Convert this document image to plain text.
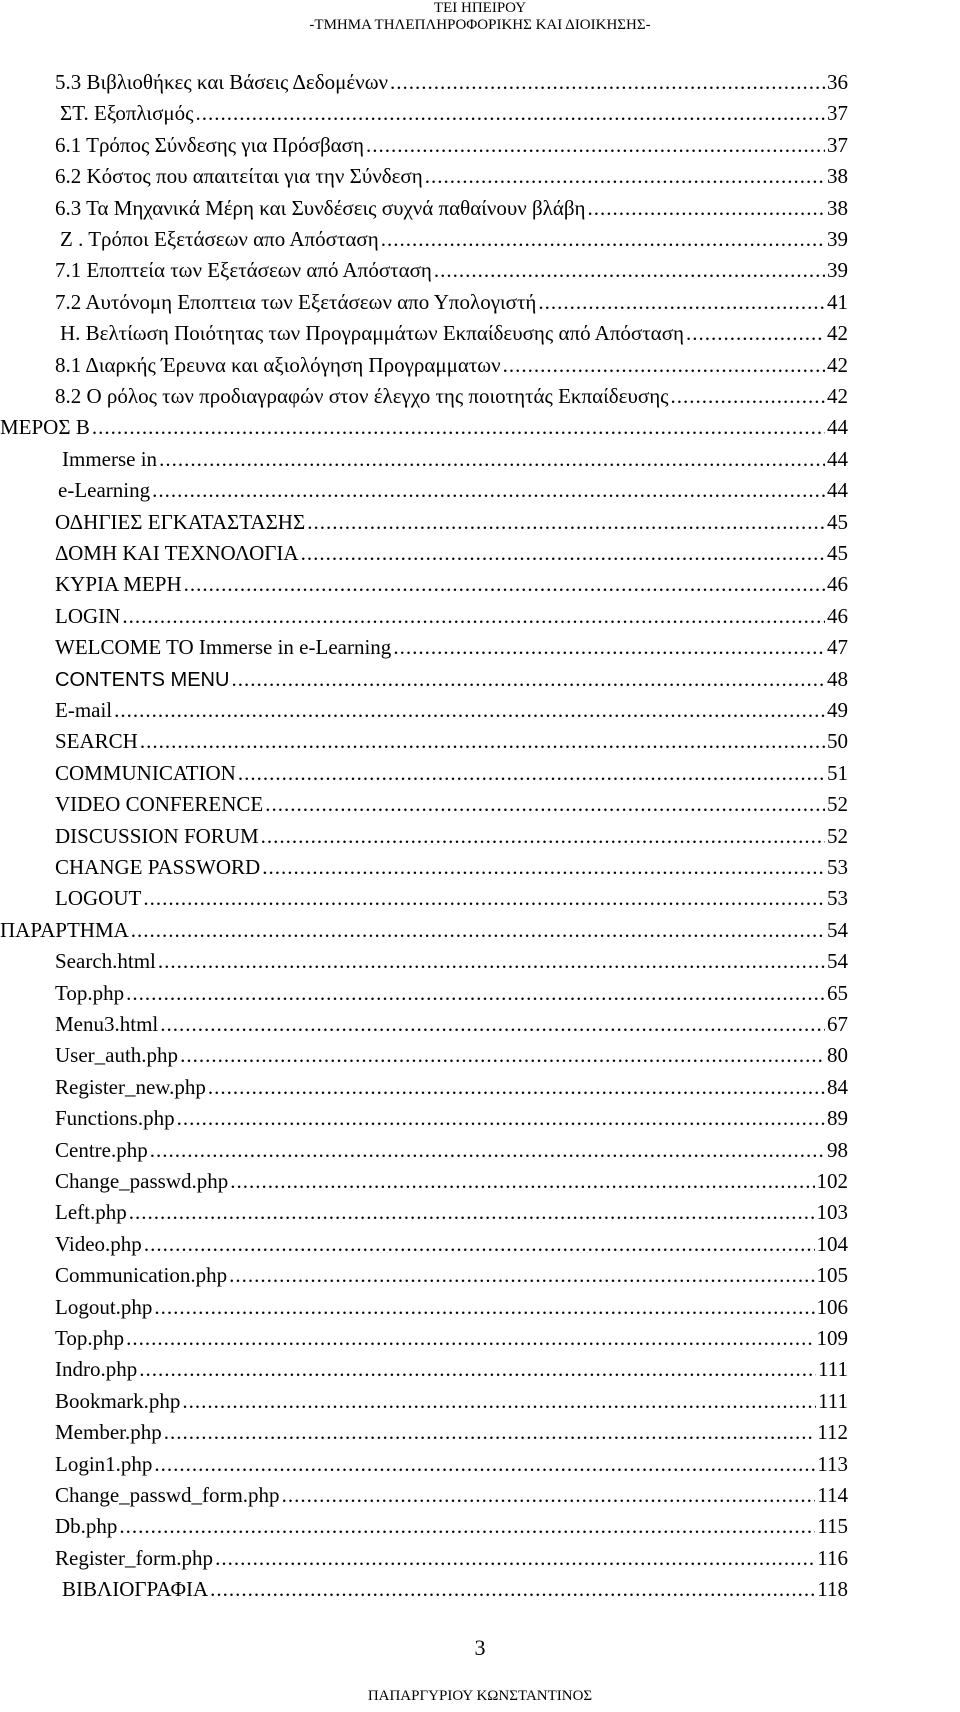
ΤΕΙ ΗΠΕΙΡΟΥ
-ΤΜΗΜΑ ΤΗΛΕΠΛΗΡΟΦΟΡΙΚΗΣ ΚΑΙ ΔΙΟΙΚΗΣΗΣ-
5.3 Βιβλιοθήκες και Βάσεις Δεδομένων .....	36
ΣΤ. Εξοπλισμός .....	37
6.1 Τρόπος Σύνδεσης για Πρόσβαση .....	37
6.2 Κόστος που απαιτείται για την Σύνδεση .....	38
6.3 Τα Μηχανικά Μέρη και Συνδέσεις συχνά παθαίνουν βλάβη .....	38
Ζ . Τρόποι Εξετάσεων απο Απόσταση .....	39
7.1 Εποπτεία των Εξετάσεων από Απόσταση .....	39
7.2 Αυτόνομη Εποπτεια των Εξετάσεων απο Υπολογιστή .....	41
Η. Βελτίωση Ποιότητας των Προγραμμάτων Εκπαίδευσης από Απόσταση .....	42
8.1 Διαρκής Έρευνα και αξιολόγηση Προγραμματων .....	42
8.2 Ο ρόλος των προδιαγραφών στον έλεγχο της ποιοτητάς Εκπαίδευσης .....	42
ΜΕΡΟΣ Β .....	44
Immerse in .....	44
e-Learning .....	44
ΟΔΗΓΙΕΣ ΕΓΚΑΤΑΣΤΑΣΗΣ .....	45
ΔΟΜΗ ΚΑΙ ΤΕΧΝΟΛΟΓΙΑ .....	45
ΚΥΡΙΑ ΜΕΡΗ .....	46
LOGIN .....	46
WELCOME TO Immerse in e-Learning .....	47
CONTENTS MENU .....	48
E-mail .....	49
SEARCH .....	50
COMMUNICATION .....	51
VIDEO CONFERENCE .....	52
DISCUSSION FORUM .....	52
CHANGE PASSWORD .....	53
LOGOUT .....	53
ΠΑΡΑΡΤΗΜΑ .....	54
Search.html .....	54
Top.php .....	65
Menu3.html .....	67
User_auth.php .....	80
Register_new.php .....	84
Functions.php .....	89
Centre.php .....	98
Change_passwd.php .....	102
Left.php .....	103
Video.php .....	104
Communication.php .....	105
Logout.php .....	106
Top.php .....	109
Indro.php .....	111
Bookmark.php .....	111
Member.php .....	112
Login1.php .....	113
Change_passwd_form.php .....	114
Db.php .....	115
Register_form.php .....	116
ΒΙΒΛΙΟΓΡΑΦΙΑ .....	118
3
ΠΑΠΑΡΓΥΡΙΟΥ ΚΩΝΣΤΑΝΤΙΝΟΣ
